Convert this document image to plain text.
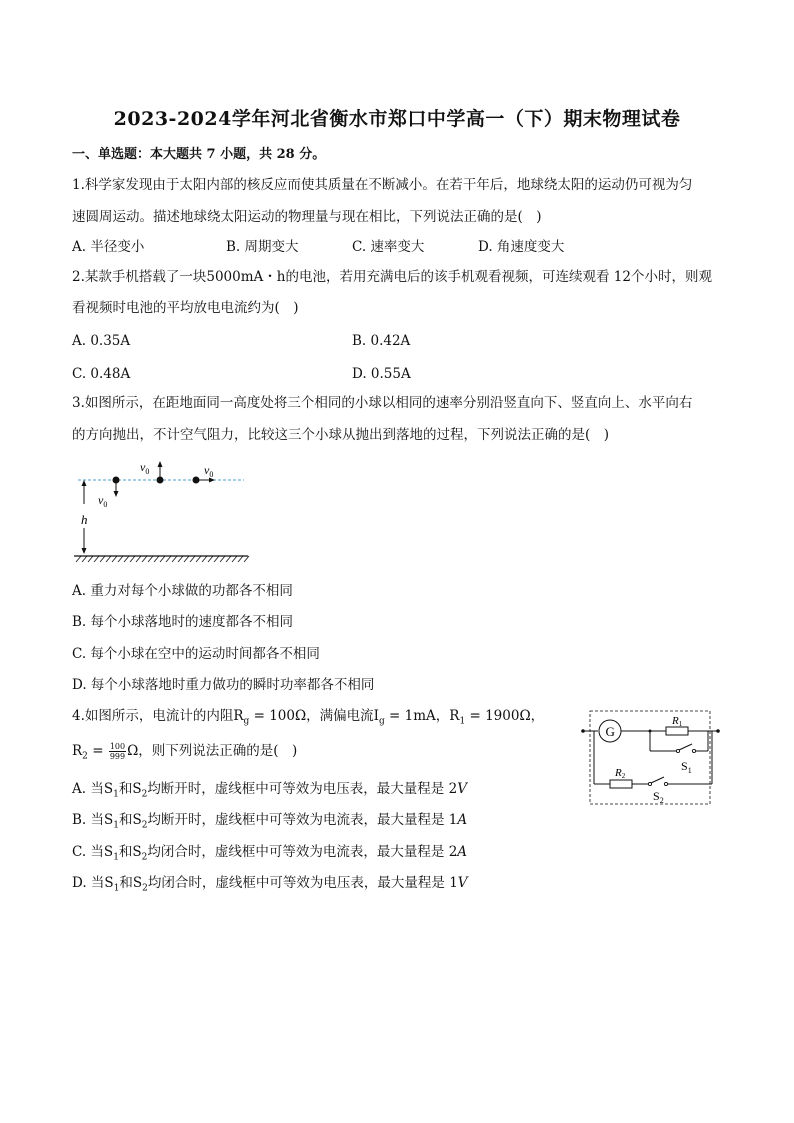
2023-2024学年河北省衡水市郑口中学高一（下）期末物理试卷
一、单选题：本大题共 7 小题，共 28 分。
1.科学家发现由于太阳内部的核反应而使其质量在不断减小。在若干年后，地球绕太阳的运动仍可视为匀
速圆周运动。描述地球绕太阳运动的物理量与现在相比，下列说法正确的是(　)
A. 半径变小	B. 周期变大	C. 速率变大	D. 角速度变大
2.某款手机搭载了一块5000mA・h的电池，若用充满电后的该手机观看视频，可连续观看 12个小时，则观
看视频时电池的平均放电电流约为(　)
A. 0.35A	B. 0.42A
C. 0.48A	D. 0.55A
3.如图所示，在距地面同一高度处将三个相同的小球以相同的速率分别沿竖直向下、竖直向上、水平向右
的方向抛出，不计空气阻力，比较这三个小球从抛出到落地的过程，下列说法正确的是(　)
h
$v_0$
$v_0$	$v_0$
A. 重力对每个小球做的功都各不相同
B. 每个小球落地时的速度都各不相同
C. 每个小球在空中的运动时间都各不相同
D. 每个小球落地时重力做功的瞬时功率都各不相同
4.如图所示，电流计的内阻$R_g = 100\Omega$，满偏电流$I_g = 1mA$，$R_1 = 1900\Omega$，
$R_2 = \frac{100}{999}$ Ω，则下列说法正确的是(　)
A. 当$S_1$和$S_2$均断开时，虚线框中可等效为电压表，最大量程是 2V
B. 当$S_1$和$S_2$均断开时，虚线框中可等效为电流表，最大量程是 1A
C. 当$S_1$和$S_2$均闭合时，虚线框中可等效为电流表，最大量程是 2A
D. 当$S_1$和$S_2$均闭合时，虚线框中可等效为电压表，最大量程是 1V
G
R1
$S_1$
R2
$S_2$
